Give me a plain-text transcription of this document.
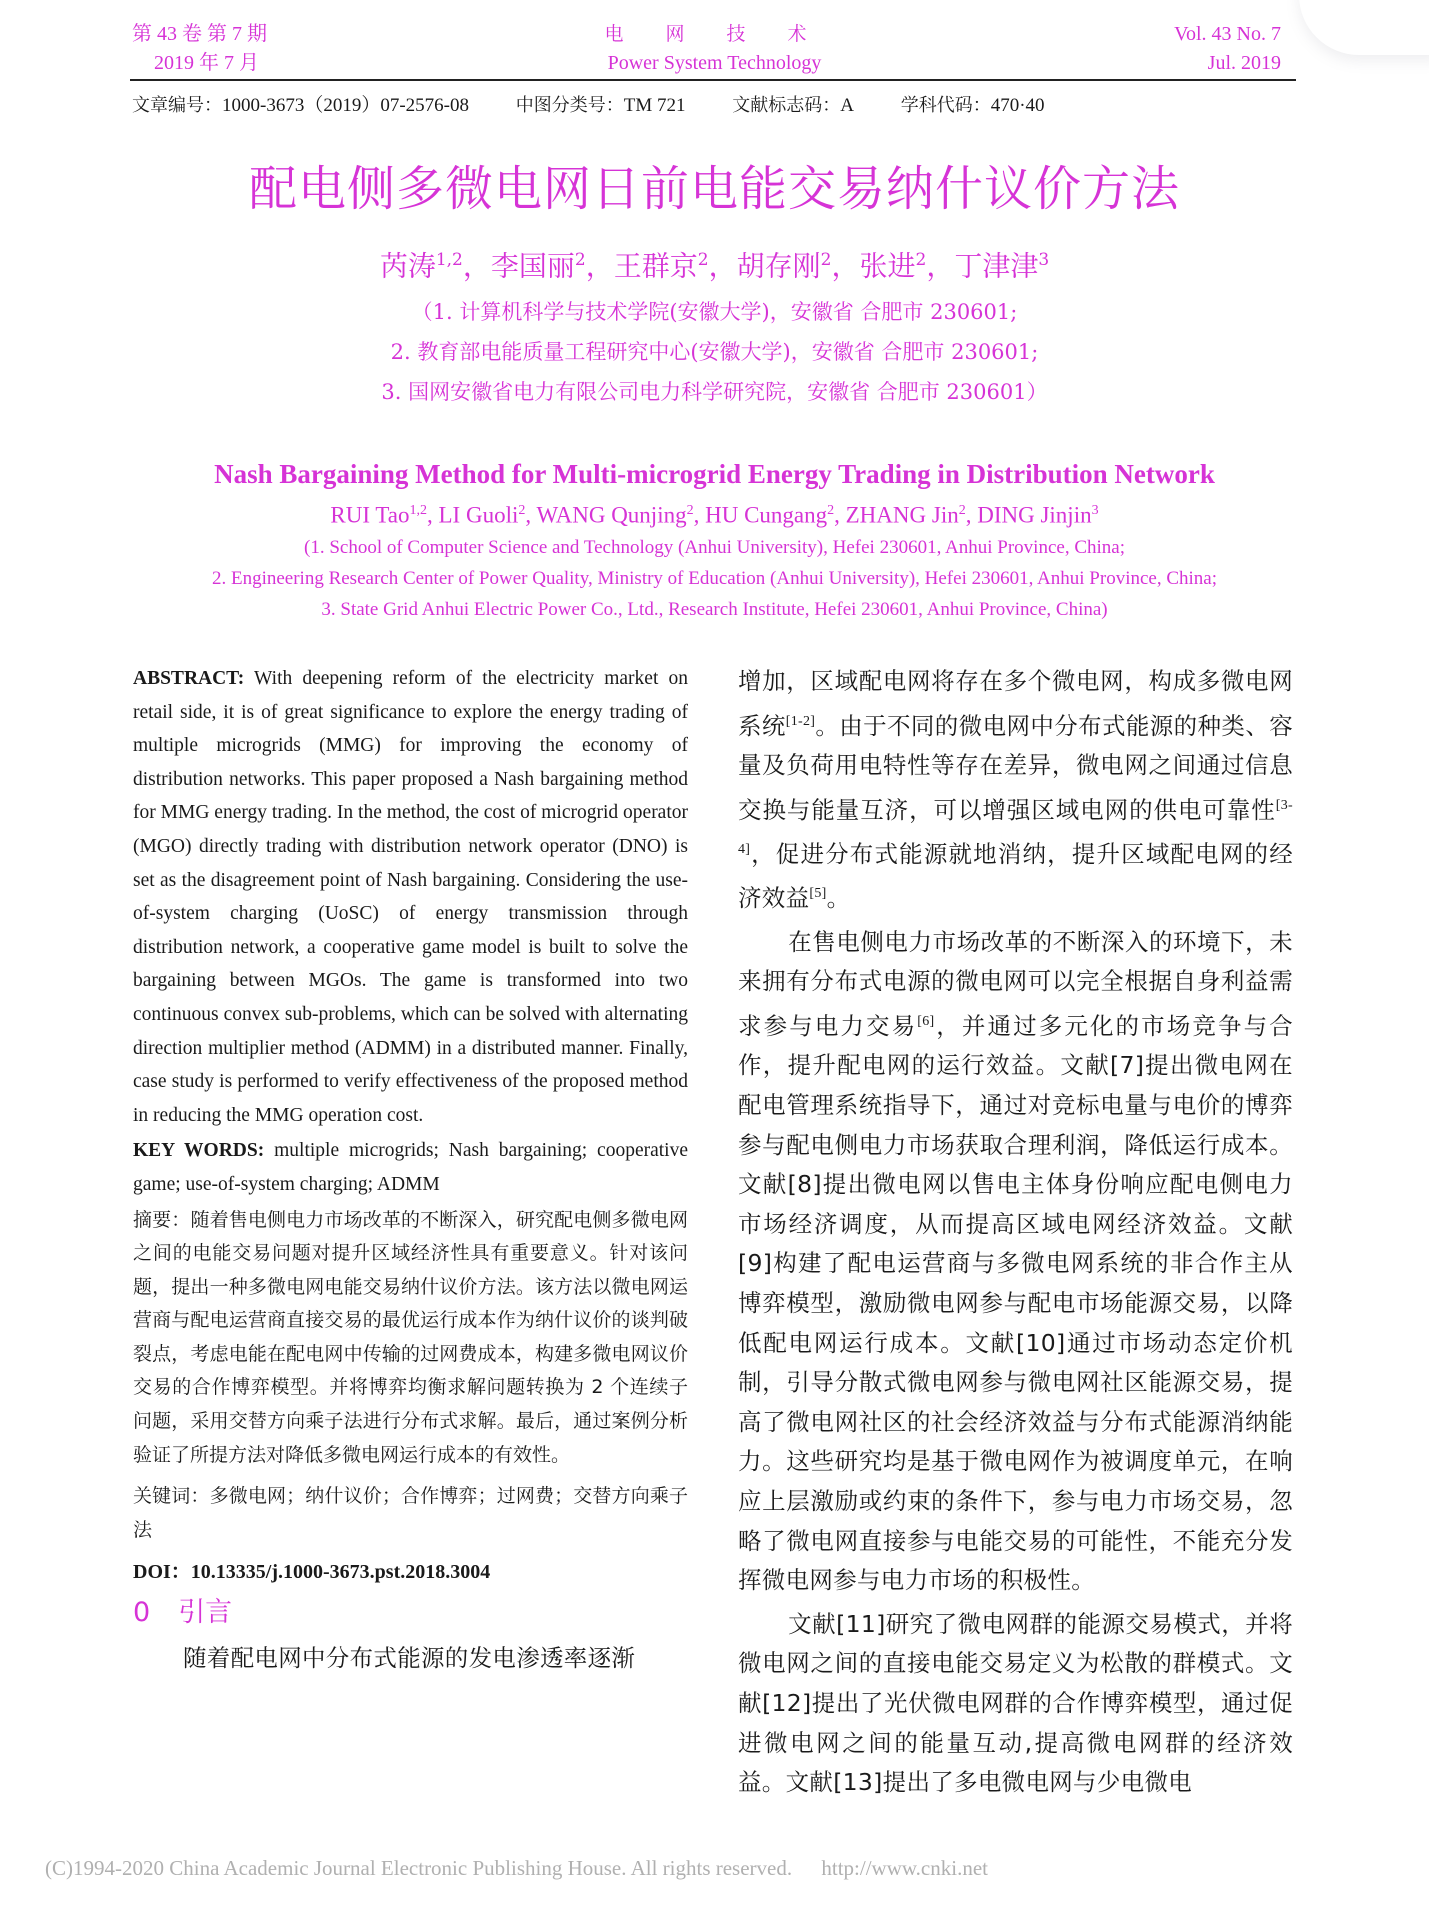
第 43 卷 第 7 期
2019 年 7 月
电 网 技 术
Power System Technology
Vol. 43 No. 7
Jul. 2019
文章编号：1000-3673（2019）07-2576-08	中图分类号：TM 721	文献标志码：A	学科代码：470·40
配电侧多微电网日前电能交易纳什议价方法
芮涛$^{1,2}$，李国丽$^2$，王群京$^2$，胡存刚$^2$，张进$^2$，丁津津$^3$
（1. 计算机科学与技术学院(安徽大学)，安徽省 合肥市 230601;
2. 教育部电能质量工程研究中心(安徽大学)，安徽省 合肥市 230601;
3. 国网安徽省电力有限公司电力科学研究院，安徽省 合肥市 230601）
Nash Bargaining Method for Multi-microgrid Energy Trading in Distribution Network
RUI Tao$^{1,2}$, LI Guoli$^2$, WANG Qunjing$^2$, HU Cungang$^2$, ZHANG Jin$^2$, DING Jinjin$^3$
(1. School of Computer Science and Technology (Anhui University), Hefei 230601, Anhui Province, China;
2. Engineering Research Center of Power Quality, Ministry of Education (Anhui University), Hefei 230601, Anhui Province, China;
3. State Grid Anhui Electric Power Co., Ltd., Research Institute, Hefei 230601, Anhui Province, China)

ABSTRACT: With deepening reform of the electricity market on retail side, it is of great significance to explore the energy trading of multiple microgrids (MMG) for improving the economy of distribution networks. This paper proposed a Nash bargaining method for MMG energy trading. In the method, the cost of microgrid operator (MGO) directly trading with distribution network operator (DNO) is set as the disagreement point of Nash bargaining. Considering the use-of-system charging (UoSC) of energy transmission through distribution network, a cooperative game model is built to solve the bargaining between MGOs. The game is transformed into two continuous convex sub-problems, which can be solved with alternating direction multiplier method (ADMM) in a distributed manner. Finally, case study is performed to verify effectiveness of the proposed method in reducing the MMG operation cost.

KEY WORDS: multiple microgrids; Nash bargaining; cooperative game; use-of-system charging; ADMM

摘要：随着售电侧电力市场改革的不断深入，研究配电侧多微电网之间的电能交易问题对提升区域经济性具有重要意义。针对该问题，提出一种多微电网电能交易纳什议价方法。该方法以微电网运营商与配电运营商直接交易的最优运行成本作为纳什议价的谈判破裂点，考虑电能在配电网中传输的过网费成本，构建多微电网议价交易的合作博弈模型。并将博弈均衡求解问题转换为 2 个连续子问题，采用交替方向乘子法进行分布式求解。最后，通过案例分析验证了所提方法对降低多微电网运行成本的有效性。

关键词：多微电网；纳什议价；合作博弈；过网费；交替方向乘子法

DOI：10.13335/j.1000-3673.pst.2018.3004
0 引言

随着配电网中分布式能源的发电渗透率逐渐

增加，区域配电网将存在多个微电网，构成多微电网系统[1-2]。由于不同的微电网中分布式能源的种类、容量及负荷用电特性等存在差异，微电网之间通过信息交换与能量互济，可以增强区域电网的供电可靠性[3-4]，促进分布式能源就地消纳，提升区域配电网的经济效益[5]。

在售电侧电力市场改革的不断深入的环境下，未来拥有分布式电源的微电网可以完全根据自身利益需求参与电力交易[6]，并通过多元化的市场竞争与合作，提升配电网的运行效益。文献[7]提出微电网在配电管理系统指导下，通过对竞标电量与电价的博弈参与配电侧电力市场获取合理利润，降低运行成本。文献[8]提出微电网以售电主体身份响应配电侧电力市场经济调度，从而提高区域电网经济效益。文献[9]构建了配电运营商与多微电网系统的非合作主从博弈模型，激励微电网参与配电市场能源交易，以降低配电网运行成本。文献[10]通过市场动态定价机制，引导分散式微电网参与微电网社区能源交易，提高了微电网社区的社会经济效益与分布式能源消纳能力。这些研究均是基于微电网作为被调度单元，在响应上层激励或约束的条件下，参与电力市场交易，忽略了微电网直接参与电能交易的可能性，不能充分发挥微电网参与电力市场的积极性。

文献[11]研究了微电网群的能源交易模式，并将微电网之间的直接电能交易定义为松散的群模式。文献[12]提出了光伏微电网群的合作博弈模型，通过促进微电网之间的能量互动,提高微电网群的经济效益。文献[13]提出了多电微电网与少电微电

(C)1994-2020 China Academic Journal Electronic Publishing House. All rights reserved. http://www.cnki.net
